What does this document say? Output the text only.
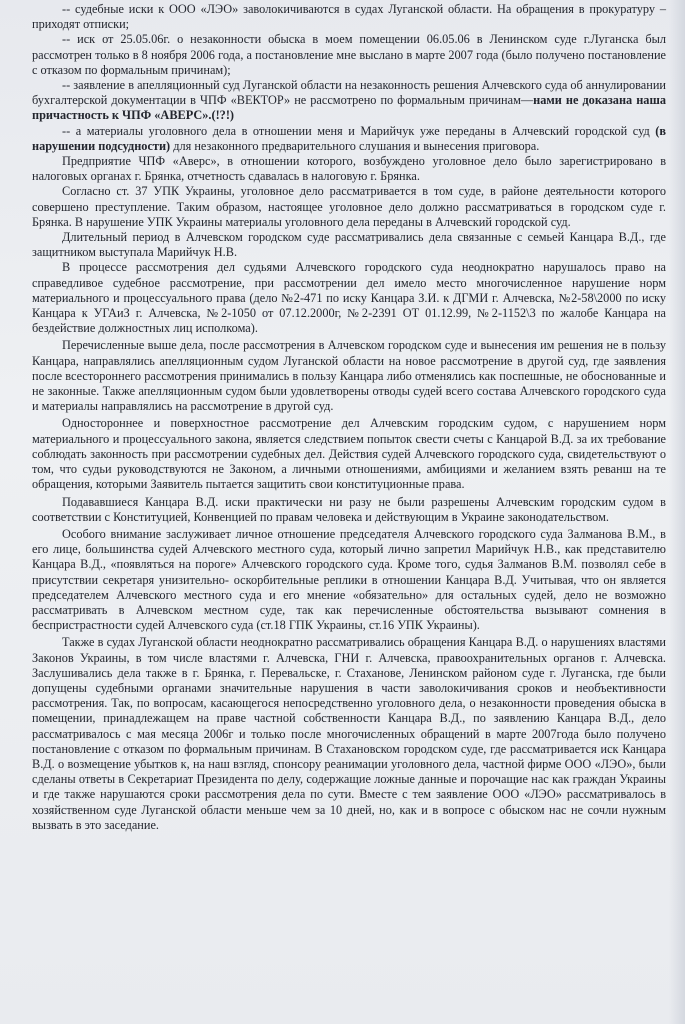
-- судебные иски к ООО «ЛЭО» заволокичиваются в судах Луганской области. На обращения в прокуратуру – приходят отписки;

-- иск от 25.05.06г. о незаконности обыска в моем помещении 06.05.06 в Ленинском суде г.Луганска был рассмотрен только в 8 ноября 2006 года, а постановление мне выслано в марте 2007 года (было получено постановление с отказом по формальным причинам);

-- заявление в апелляционный суд Луганской области на незаконность решения Алчевского суда об аннулировании бухгалтерской документации в ЧПФ «ВЕКТОР» не рассмотрено по формальным причинам—нами не доказана наша причастность к ЧПФ «АВЕРС».(!?!)

-- а материалы уголовного дела в отношении меня и Марийчук уже переданы в Алчевский городской суд (в нарушении подсудности) для незаконного предварительного слушания и вынесения приговора.

Предприятие ЧПФ «Аверс», в отношении которого, возбуждено уголовное дело было зарегистрировано в налоговых органах г. Брянка, отчетность сдавалась в налоговую г. Брянка.

Согласно ст. 37 УПК Украины, уголовное дело рассматривается в том суде, в районе деятельности которого совершено преступление. Таким образом, настоящее уголовное дело должно рассматриваться в городском суде г. Брянка. В нарушение УПК Украины материалы уголовного дела переданы в Алчевский городской суд.

Длительный период в Алчевском городском суде рассматривались дела связанные с семьей Канцара В.Д., где защитником выступала Марийчук Н.В.

В процессе рассмотрения дел судьями Алчевского городского суда неоднократно нарушалось право на справедливое судебное рассмотрение, при рассмотрении дел имело место многочисленное нарушение норм материального и процессуального права (дело №2-471 по иску Канцара З.И. к ДГМИ г. Алчевска, №2-58\2000 по иску Канцара к УГАиЗ г. Алчевска, №2-1050 от 07.12.2000г, №2-2391 ОТ 01.12.99, №2-1152\3 по жалобе Канцара на бездействие должностных лиц исполкома).

Перечисленные выше дела, после рассмотрения в Алчевском городском суде и вынесения им решения не в пользу Канцара, направлялись апелляционным судом Луганской области на новое рассмотрение в другой суд, где заявления после всестороннего рассмотрения принимались в пользу Канцара либо отменялись как поспешные, не обоснованные и не законные. Также апелляционным судом были удовлетворены отводы судей всего состава Алчевского городского суда и материалы направлялись на рассмотрение в другой суд.

Одностороннее и поверхностное рассмотрение дел Алчевским городским судом, с нарушением норм материального и процессуального закона, является следствием попыток свести счеты с Канцарой В.Д. за их требование соблюдать законность при рассмотрении судебных дел. Действия судей Алчевского городского суда, свидетельствуют о том, что судьи руководствуются не Законом, а личными отношениями, амбициями и желанием взять реванш на те обращения, которыми Заявитель пытается защитить свои конституционные права.

Подававшиеся Канцара В.Д. иски практически ни разу не были разрешены Алчевским городским судом в соответствии с Конституцией, Конвенцией по правам человека и действующим в Украине законодательством.

Особого внимание заслуживает личное отношение председателя Алчевского городского суда Залманова В.М., в его лице, большинства судей Алчевского местного суда, который лично запретил Марийчук Н.В., как представителю Канцара В.Д., «появляться на пороге» Алчевского городского суда. Кроме того, судья Залманов В.М. позволял себе в присутствии секретаря унизительно- оскорбительные реплики в отношении Канцара В.Д. Учитывая, что он является председателем Алчевского местного суда и его мнение «обязательно» для остальных судей, дело не возможно рассматривать в Алчевском местном суде, так как перечисленные обстоятельства вызывают сомнения в беспристрастности судей Алчевского суда (ст.18 ГПК Украины, ст.16 УПК Украины).

Также в судах Луганской области неоднократно рассматривались обращения Канцара В.Д. о нарушениях властями Законов Украины, в том числе властями г. Алчевска, ГНИ г. Алчевска, правоохранительных органов г. Алчевска. Заслушивались дела также в г. Брянка, г. Перевальске, г. Стаханове, Ленинском районом суде г. Луганска, где были допущены судебными органами значительные нарушения в части заволокичивания сроков и необъективности рассмотрения. Так, по вопросам, касающегося непосредственно уголовного дела, о незаконности проведения обыска в помещении, принадлежащем на праве частной собственности Канцара В.Д., по заявлению Канцара В.Д., дело рассматривалось с мая месяца 2006г и только после многочисленных обращений в марте 2007года было получено постановление с отказом по формальным причинам. В Стахановском городском суде, где рассматривается иск Канцара В.Д. о возмещение убытков к, на наш взгляд, спонсору реанимации уголовного дела, частной фирме ООО «ЛЭО», были сделаны ответы в Секретариат Президента по делу, содержащие ложные данные и порочащие нас как граждан Украины и где также нарушаются сроки рассмотрения дела по сути. Вместе с тем заявление ООО «ЛЭО» рассматривалось в хозяйственном суде Луганской области меньше чем за 10 дней, но, как и в вопросе с обыском нас не сочли нужным вызвать в это заседание.
